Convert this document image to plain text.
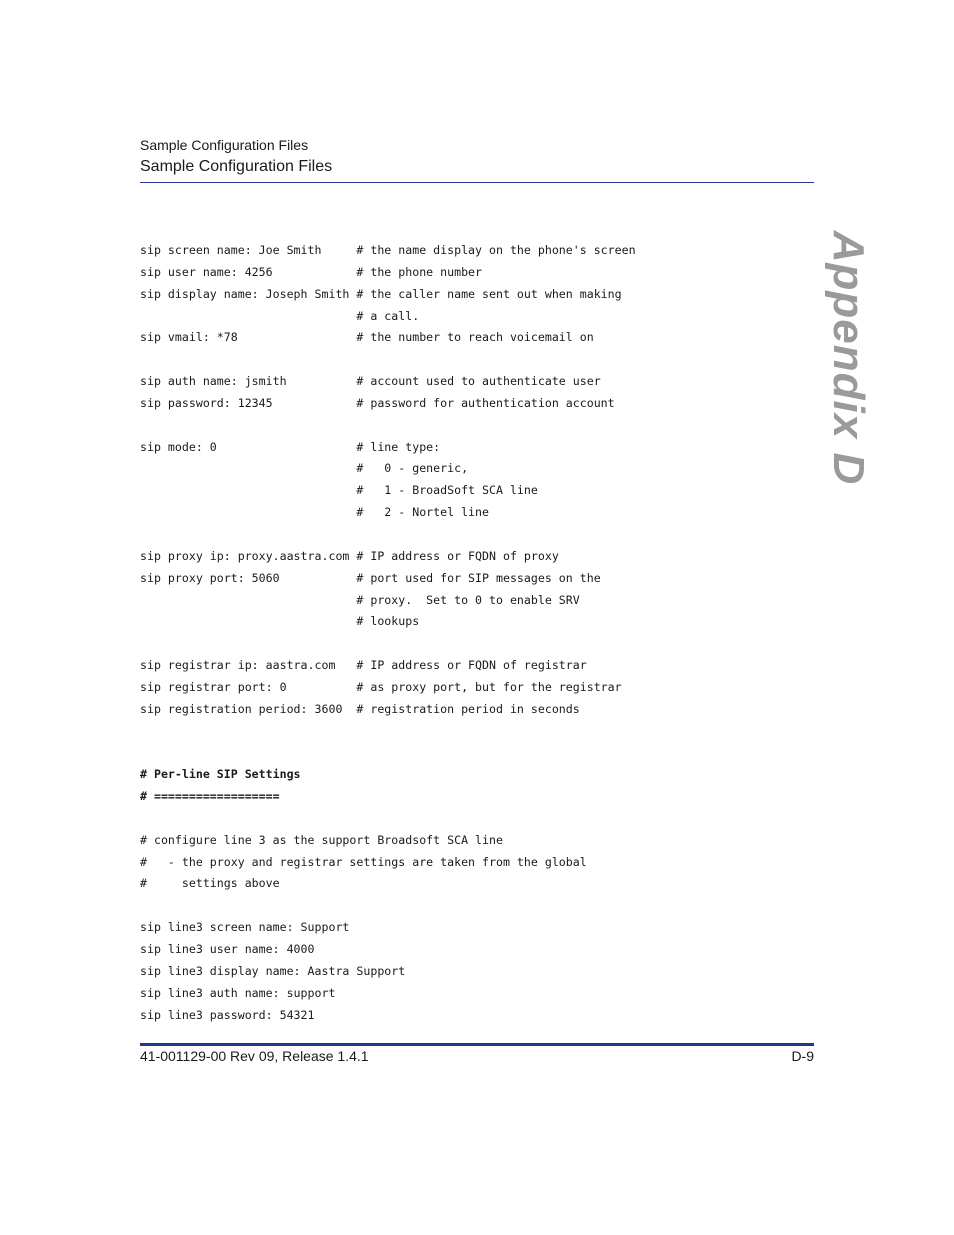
Sample Configuration Files
Sample Configuration Files
Appendix D
sip screen name: Joe Smith     # the name display on the phone's screen
sip user name: 4256            # the phone number
sip display name: Joseph Smith # the caller name sent out when making
# a call.
sip vmail: *78                 # the number to reach voicemail on
sip auth name: jsmith          # account used to authenticate user
sip password: 12345            # password for authentication account
sip mode: 0                    # line type:
#   0 - generic,
#   1 - BroadSoft SCA line
#   2 - Nortel line
sip proxy ip: proxy.aastra.com # IP address or FQDN of proxy
sip proxy port: 5060           # port used for SIP messages on the
# proxy.  Set to 0 to enable SRV
# lookups
sip registrar ip: aastra.com   # IP address or FQDN of registrar
sip registrar port: 0          # as proxy port, but for the registrar
sip registration period: 3600  # registration period in seconds
# Per-line SIP Settings
# ==================
# configure line 3 as the support Broadsoft SCA line
#   - the proxy and registrar settings are taken from the global
#     settings above
sip line3 screen name: Support
sip line3 user name: 4000
sip line3 display name: Aastra Support
sip line3 auth name: support
sip line3 password: 54321
41-001129-00 Rev 09, Release 1.4.1	D-9
